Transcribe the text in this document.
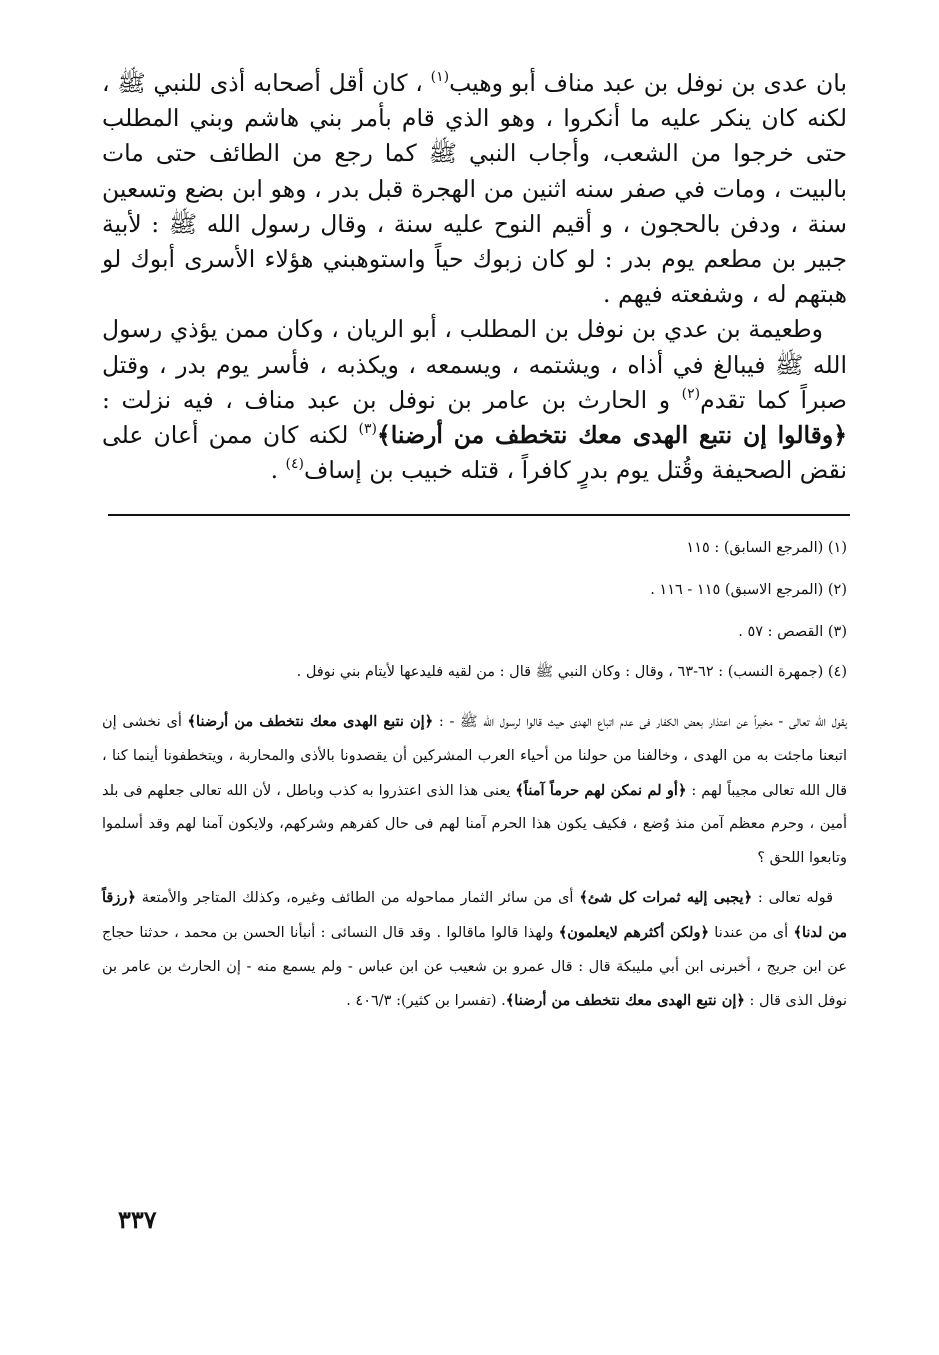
بان عدى بن نوفل بن عبد مناف أبو وهيب$^{(١)}$ ، كان أقل أصحابه أذى للنبي ﷺ ، لكنه كان ينكر عليه ما أنكروا ، وهو الذي قام بأمر بني هاشم وبني المطلب حتى خرجوا من الشعب، وأجاب النبي ﷺ كما رجع من الطائف حتى مات بالبيت ، ومات في صفر سنه اثنين من الهجرة قبل بدر ، وهو ابن بضع وتسعين سنة ، ودفن بالحجون ، و أقيم النوح عليه سنة ، وقال رسول الله ﷺ : لأبية جبير بن مطعم يوم بدر : لو كان زبوك حياً واستوهبني هؤلاء الأسرى أبوك لو هبتهم له ، وشفعته فيهم .

وطعيمة بن عدي بن نوفل بن المطلب ، أبو الريان ، وكان ممن يؤذي رسول الله ﷺ فيبالغ في أذاه ، ويشتمه ، ويسمعه ، ويكذبه ، فأسر يوم بدر ، وقتل صبراً كما تقدم$^{(٢)}$ و الحارث بن عامر بن نوفل بن عبد مناف ، فيه نزلت : ﴿وقالوا إن نتبع الهدى معك نتخطف من أرضنا﴾$^{(٣)}$ لكنه كان ممن أعان على نقض الصحيفة وقُتل يوم بدرٍ كافراً ، قتله خبيب بن إساف$^{(٤)}$ .

(١) (المرجع السابق) : ١١٥
(٢) (المرجع الاسبق) ١١٥ - ١١٦ .
(٣) القصص : ٥٧ .
(٤) (جمهرة النسب) : ٦٢-٦٣ ، وقال : وكان النبي ﷺ قال : من لقيه فليدعها لأيتام بني نوفل .

يقول الله تعالى - مخبراً عن اعتذار بعض الكفار فى عدم اتباع الهدى حيث قالوا لرسول الله ﷺ - : ﴿إن نتبع الهدى معك نتخطف من أرضنا﴾ أى نخشى إن اتبعنا ماجئت به من الهدى ، وخالفنا من حولنا من أحياء العرب المشركين أن يقصدونا بالأذى والمحاربة ، ويتخطفونا أينما كنا ، قال الله تعالى مجيباً لهم : ﴿أو لم نمكن لهم حرماً آمناً﴾ يعنى هذا الذى اعتذروا به كذب وباطل ، لأن الله تعالى جعلهم فى بلد أمين ، وحرم معظم آمن منذ وُضع ، فكيف يكون هذا الحرم آمنا لهم فى حال كفرهم وشركهم، ولايكون آمنا لهم وقد أسلموا وتابعوا اللحق ؟

قوله تعالى : ﴿يجبى إليه ثمرات كل شئ﴾ أى من سائر الثمار مماحوله من الطائف وغيره، وكذلك المتاجر والأمتعة ﴿رزقاً من لدنا﴾ أى من عندنا ﴿ولكن أكثرهم لايعلمون﴾ ولهذا قالوا ماقالوا . وقد قال النسائى : أنبأنا الحسن بن محمد ، حدثنا حجاج عن ابن جريج ، أخبرنى ابن أبي مليبكة قال : قال عمرو بن شعيب عن ابن عباس - ولم يسمع منه - إن الحارث بن عامر بن نوفل الذى قال : ﴿إن نتبع الهدى معك نتخطف من أرضنا﴾. (تفسرا بن كثير): ٤٠٦/٣ .

٣٣٧
